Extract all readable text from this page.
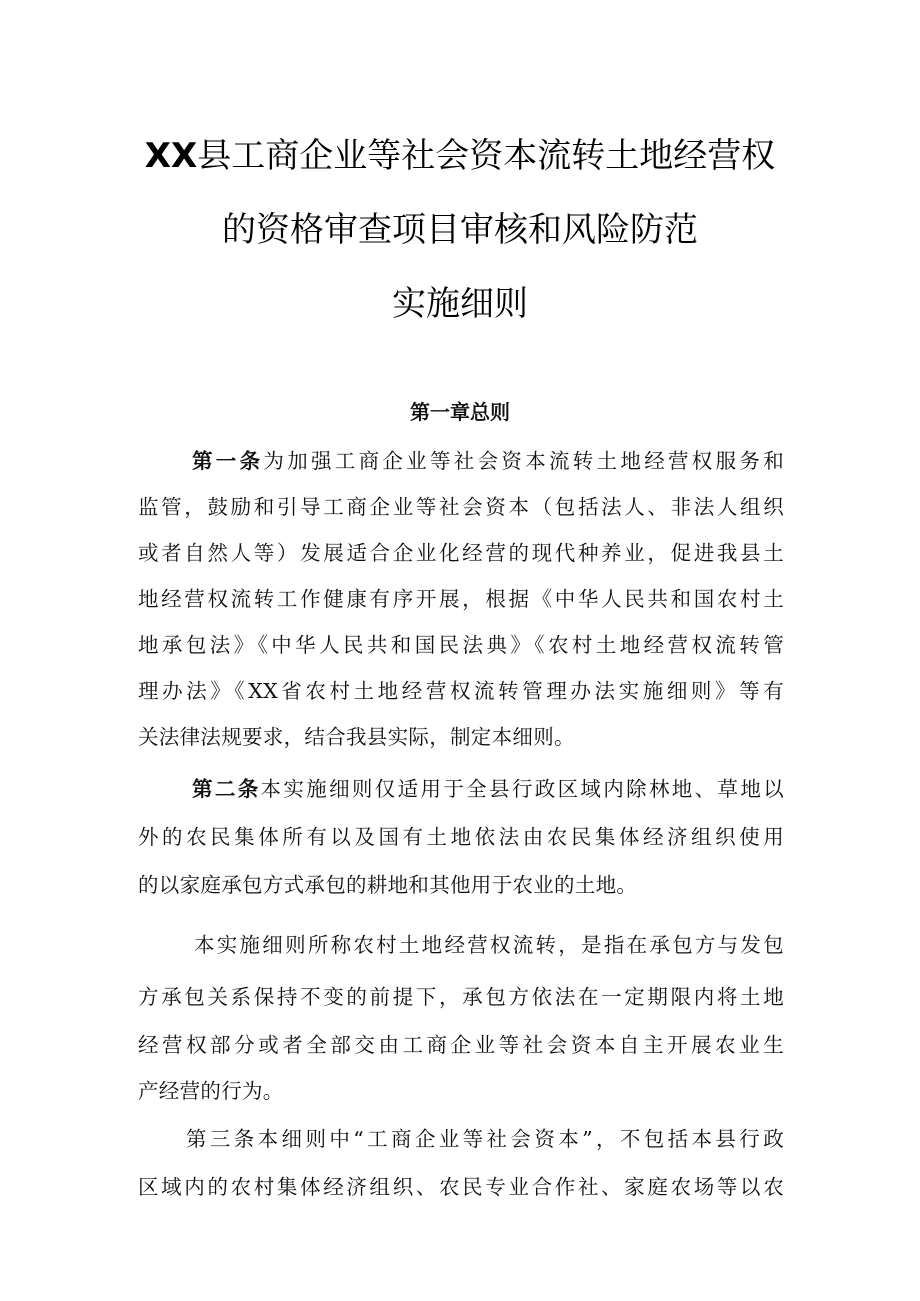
XX县工商企业等社会资本流转土地经营权
的资格审查项目审核和风险防范
实施细则
第一章总则
第一条为加强工商企业等社会资本流转土地经营权服务和
监管，鼓励和引导工商企业等社会资本（包括法人、非法人组织
或者自然人等）发展适合企业化经营的现代种养业，促进我县土
地经营权流转工作健康有序开展，根据《中华人民共和国农村土
地承包法》《中华人民共和国民法典》《农村土地经营权流转管
理办法》《XX省农村土地经营权流转管理办法实施细则》等有
关法律法规要求，结合我县实际，制定本细则。
第二条本实施细则仅适用于全县行政区域内除林地、草地以
外的农民集体所有以及国有土地依法由农民集体经济组织使用
的以家庭承包方式承包的耕地和其他用于农业的土地。
本实施细则所称农村土地经营权流转，是指在承包方与发包
方承包关系保持不变的前提下，承包方依法在一定期限内将土地
经营权部分或者全部交由工商企业等社会资本自主开展农业生
产经营的行为。
第三条本细则中“工商企业等社会资本”，不包括本县行政
区域内的农村集体经济组织、农民专业合作社、家庭农场等以农
